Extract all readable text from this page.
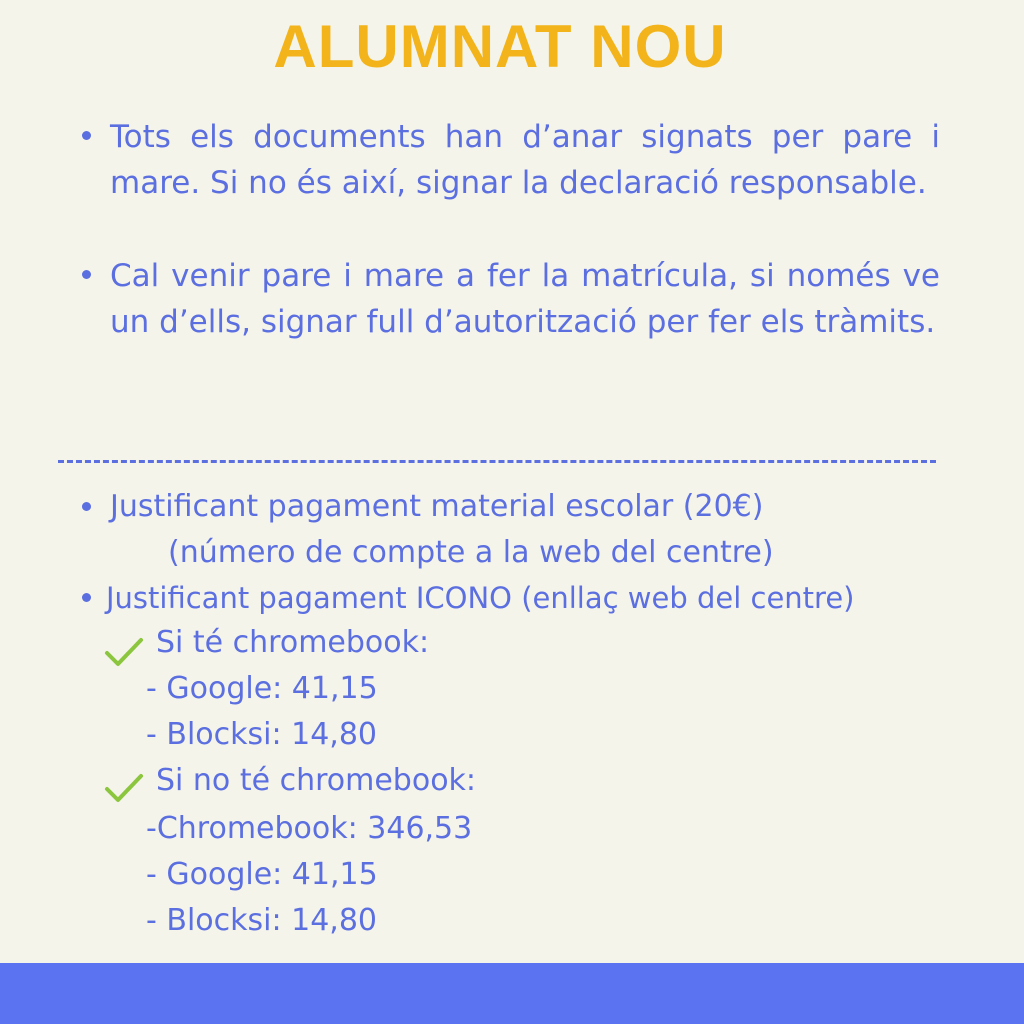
ALUMNAT NOU
Tots els documents han d’anar signats per pare i mare. Si no és així, signar la declaració responsable.
Cal venir pare i mare a fer la matrícula, si només ve un d’ells, signar full d’autorització per fer els tràmits.
Justificant pagament material escolar (20€)
(número de compte a la web del centre)
Justificant pagament ICONO (enllaç web del centre)
Si té chromebook:
- Google: 41,15
- Blocksi: 14,80
Si no té chromebook:
-Chromebook: 346,53
- Google: 41,15
- Blocksi: 14,80
